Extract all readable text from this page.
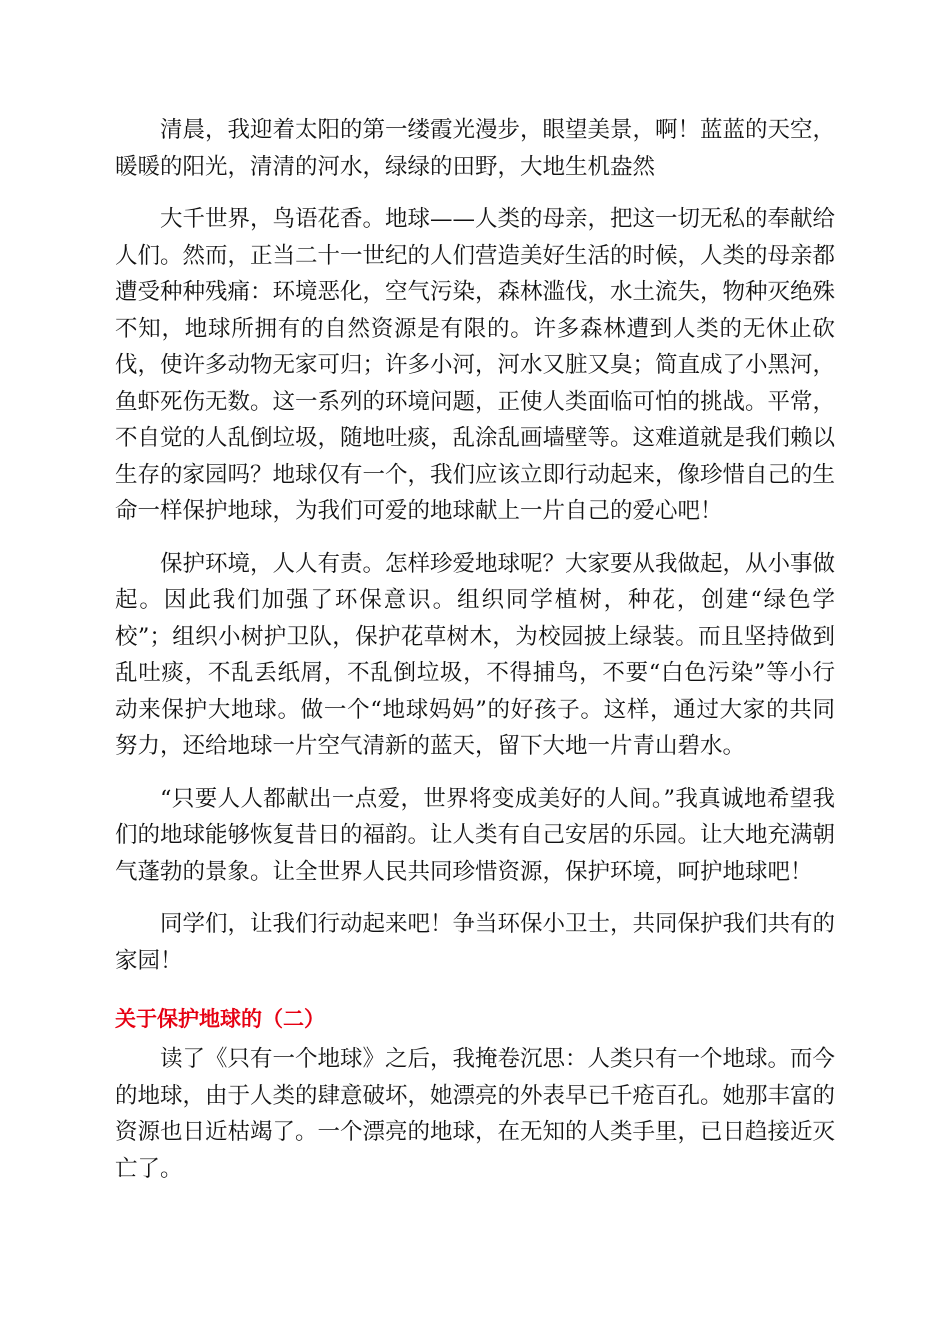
清晨，我迎着太阳的第一缕霞光漫步，眼望美景，啊！蓝蓝的天空，暖暖的阳光，清清的河水，绿绿的田野，大地生机盎然

大千世界，鸟语花香。地球——人类的母亲，把这一切无私的奉献给人们。然而，正当二十一世纪的人们营造美好生活的时候，人类的母亲都遭受种种残痛：环境恶化，空气污染，森林滥伐，水土流失，物种灭绝殊不知，地球所拥有的自然资源是有限的。许多森林遭到人类的无休止砍伐，使许多动物无家可归；许多小河，河水又脏又臭；简直成了小黑河，鱼虾死伤无数。这一系列的环境问题，正使人类面临可怕的挑战。平常，不自觉的人乱倒垃圾，随地吐痰，乱涂乱画墙壁等。这难道就是我们赖以生存的家园吗？地球仅有一个，我们应该立即行动起来，像珍惜自己的生命一样保护地球，为我们可爱的地球献上一片自己的爱心吧！

保护环境，人人有责。怎样珍爱地球呢？大家要从我做起，从小事做起。因此我们加强了环保意识。组织同学植树，种花，创建“绿色学校”；组织小树护卫队，保护花草树木，为校园披上绿装。而且坚持做到乱吐痰，不乱丢纸屑，不乱倒垃圾，不得捕鸟，不要“白色污染”等小行动来保护大地球。做一个“地球妈妈”的好孩子。这样，通过大家的共同努力，还给地球一片空气清新的蓝天，留下大地一片青山碧水。

“只要人人都献出一点爱，世界将变成美好的人间。”我真诚地希望我们的地球能够恢复昔日的福韵。让人类有自己安居的乐园。让大地充满朝气蓬勃的景象。让全世界人民共同珍惜资源，保护环境，呵护地球吧！

同学们，让我们行动起来吧！争当环保小卫士，共同保护我们共有的家园！

关于保护地球的（二）

读了《只有一个地球》之后，我掩卷沉思：人类只有一个地球。而今的地球，由于人类的肆意破坏，她漂亮的外表早已千疮百孔。她那丰富的资源也日近枯竭了。一个漂亮的地球，在无知的人类手里，已日趋接近灭亡了。
